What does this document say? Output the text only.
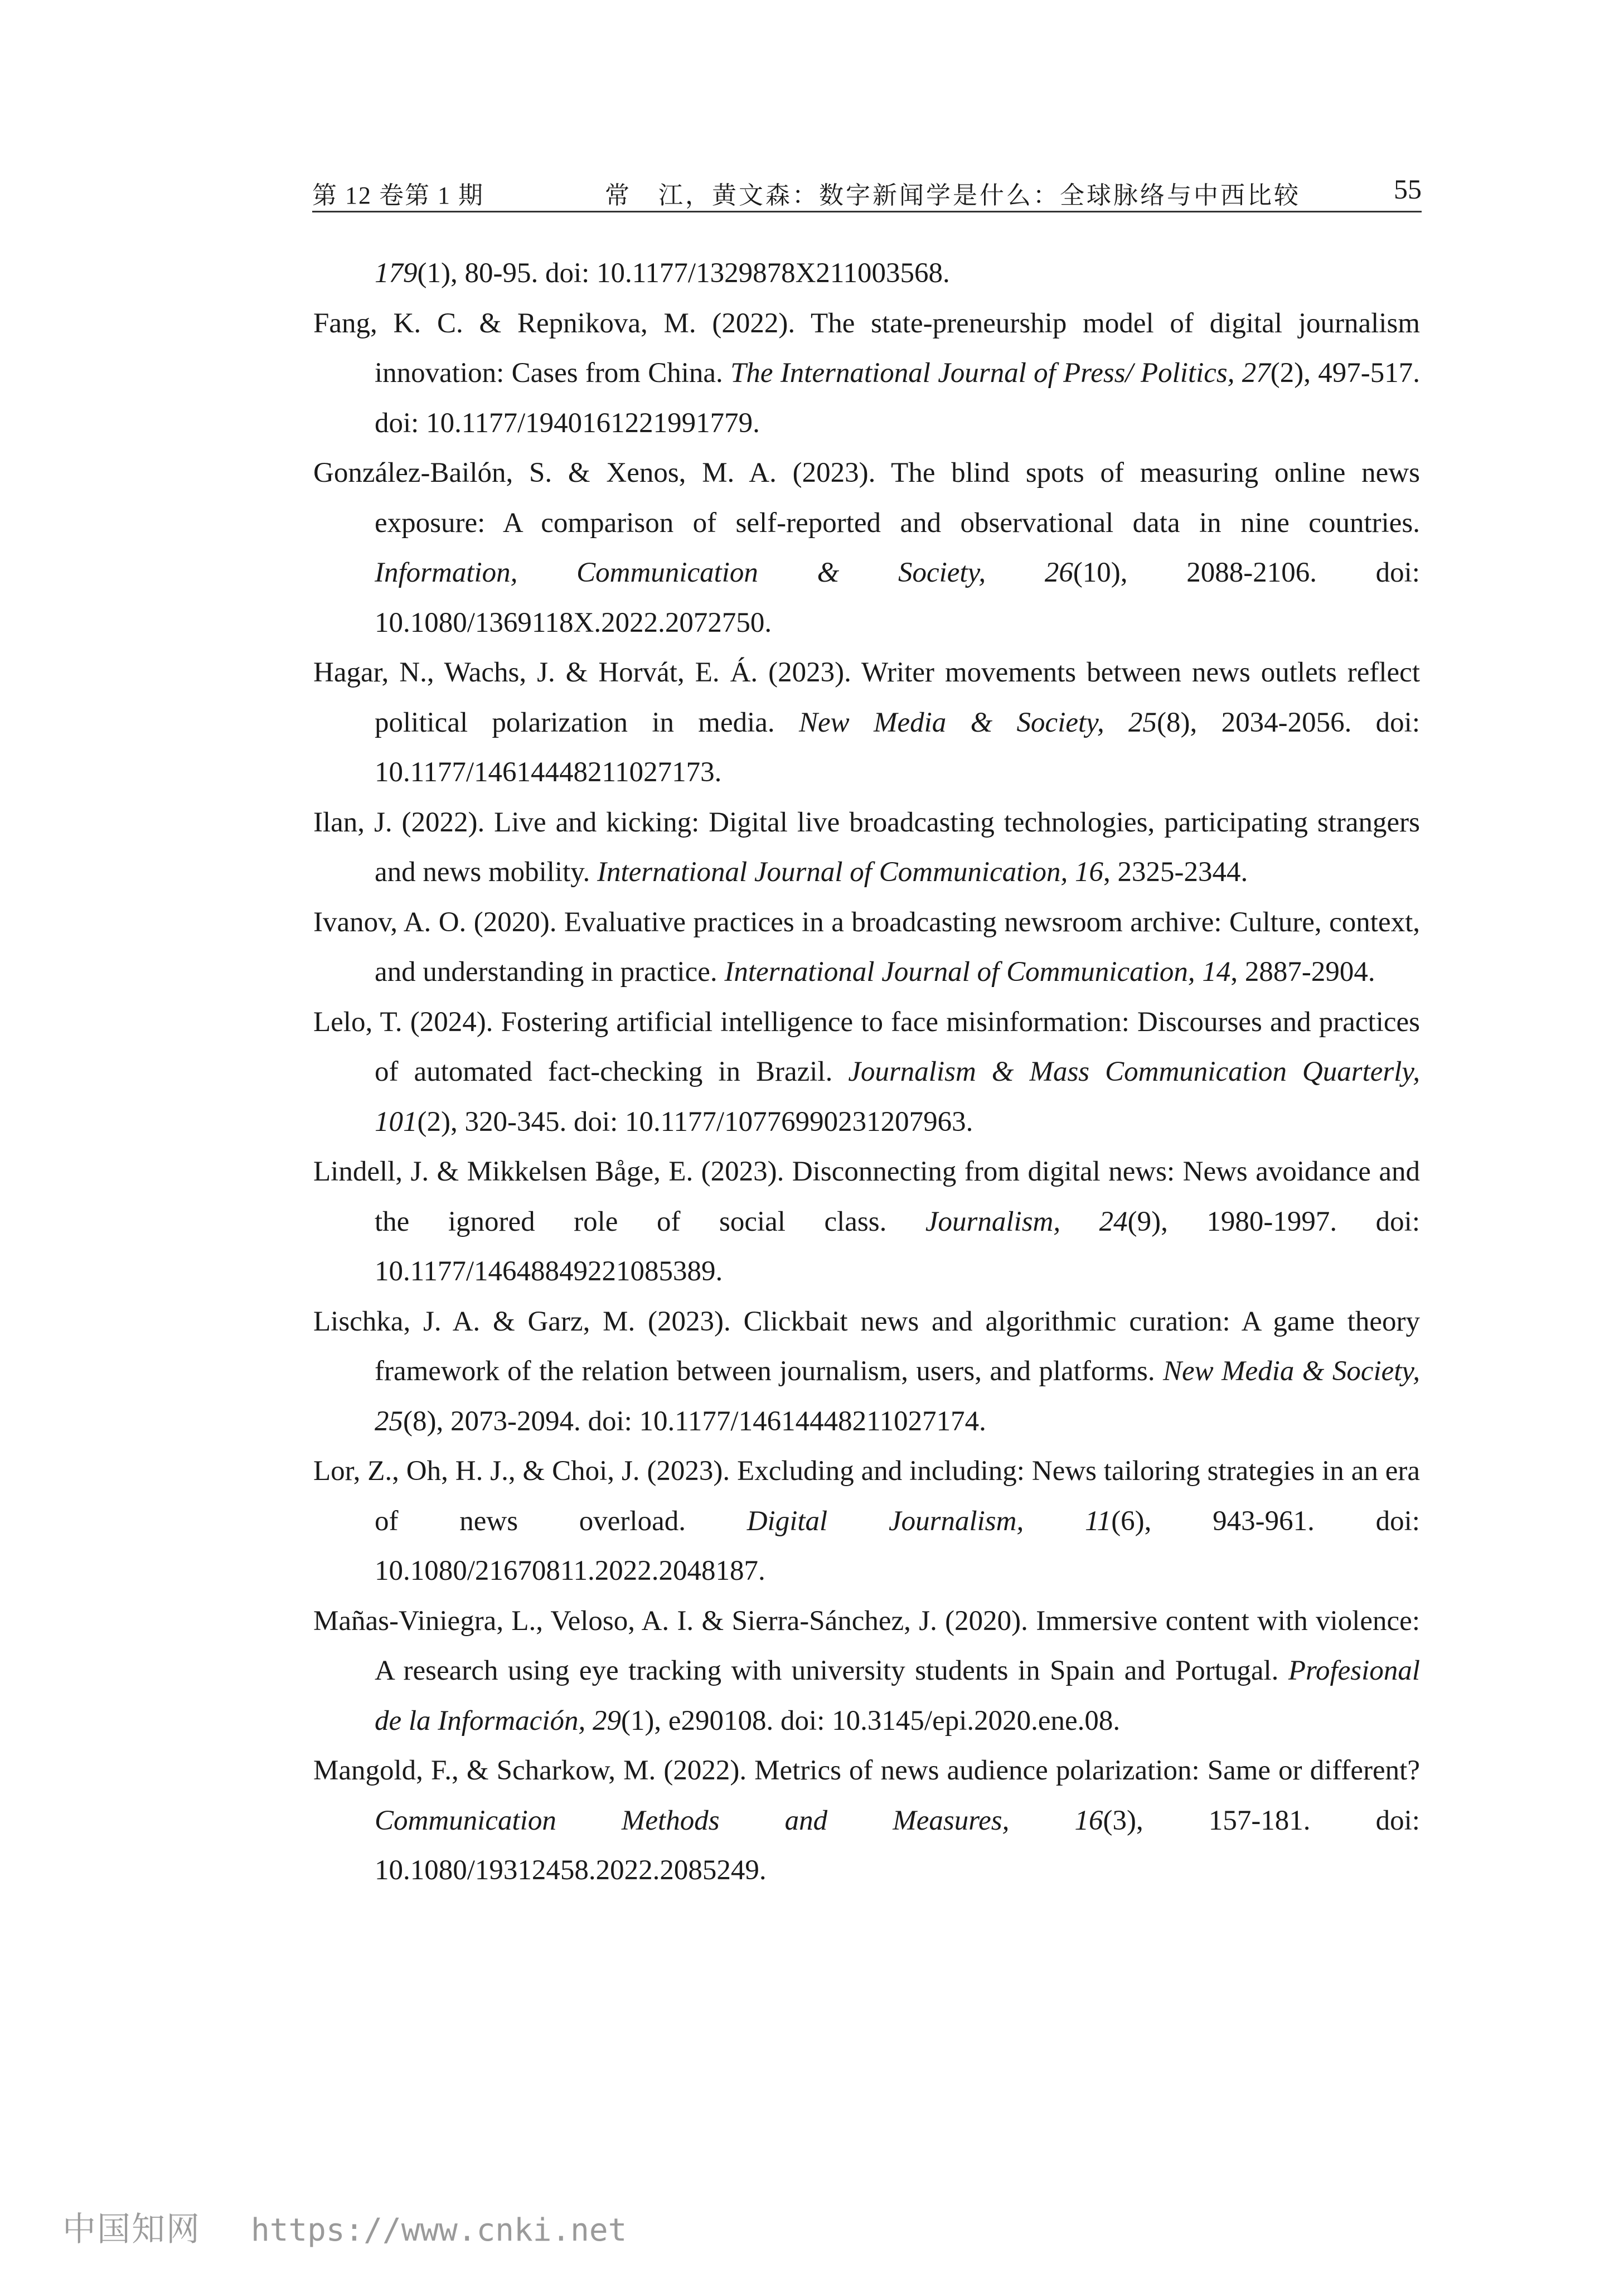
第 12 卷第 1 期	常　江，黄文森：数字新闻学是什么：全球脉络与中西比较	55

179(1), 80-95. doi: 10.1177/1329878X211003568.

Fang, K. C. & Repnikova, M. (2022). The state-preneurship model of digital journalism innovation: Cases from China. The International Journal of Press/ Politics, 27(2), 497-517. doi: 10.1177/1940161221991779.

González-Bailón, S. & Xenos, M. A. (2023). The blind spots of measuring online news exposure: A comparison of self-reported and observational data in nine countries. Information, Communication & Society, 26(10), 2088-2106. doi: 10.1080/1369118X.2022.2072750.

Hagar, N., Wachs, J. & Horvát, E. Á. (2023). Writer movements between news outlets reflect political polarization in media. New Media & Society, 25(8), 2034-2056. doi: 10.1177/14614448211027173.

Ilan, J. (2022). Live and kicking: Digital live broadcasting technologies, participating strangers and news mobility. International Journal of Communication, 16, 2325-2344.

Ivanov, A. O. (2020). Evaluative practices in a broadcasting newsroom archive: Culture, context, and understanding in practice. International Journal of Communication, 14, 2887-2904.

Lelo, T. (2024). Fostering artificial intelligence to face misinformation: Discourses and practices of automated fact-checking in Brazil. Journalism & Mass Communication Quarterly, 101(2), 320-345. doi: 10.1177/10776990231207963.

Lindell, J. & Mikkelsen Båge, E. (2023). Disconnecting from digital news: News avoidance and the ignored role of social class. Journalism, 24(9), 1980-1997. doi: 10.1177/14648849221085389.

Lischka, J. A. & Garz, M. (2023). Clickbait news and algorithmic curation: A game theory framework of the relation between journalism, users, and platforms. New Media & Society, 25(8), 2073-2094. doi: 10.1177/14614448211027174.

Lor, Z., Oh, H. J., & Choi, J. (2023). Excluding and including: News tailoring strategies in an era of news overload. Digital Journalism, 11(6), 943-961. doi: 10.1080/21670811.2022.2048187.

Mañas-Viniegra, L., Veloso, A. I. & Sierra-Sánchez, J. (2020). Immersive content with violence: A research using eye tracking with university students in Spain and Portugal. Profesional de la Información, 29(1), e290108. doi: 10.3145/epi.2020.ene.08.

Mangold, F., & Scharkow, M. (2022). Metrics of news audience polarization: Same or different? Communication Methods and Measures, 16(3), 157-181. doi: 10.1080/19312458.2022.2085249.

中国知网 https://www.cnki.net
